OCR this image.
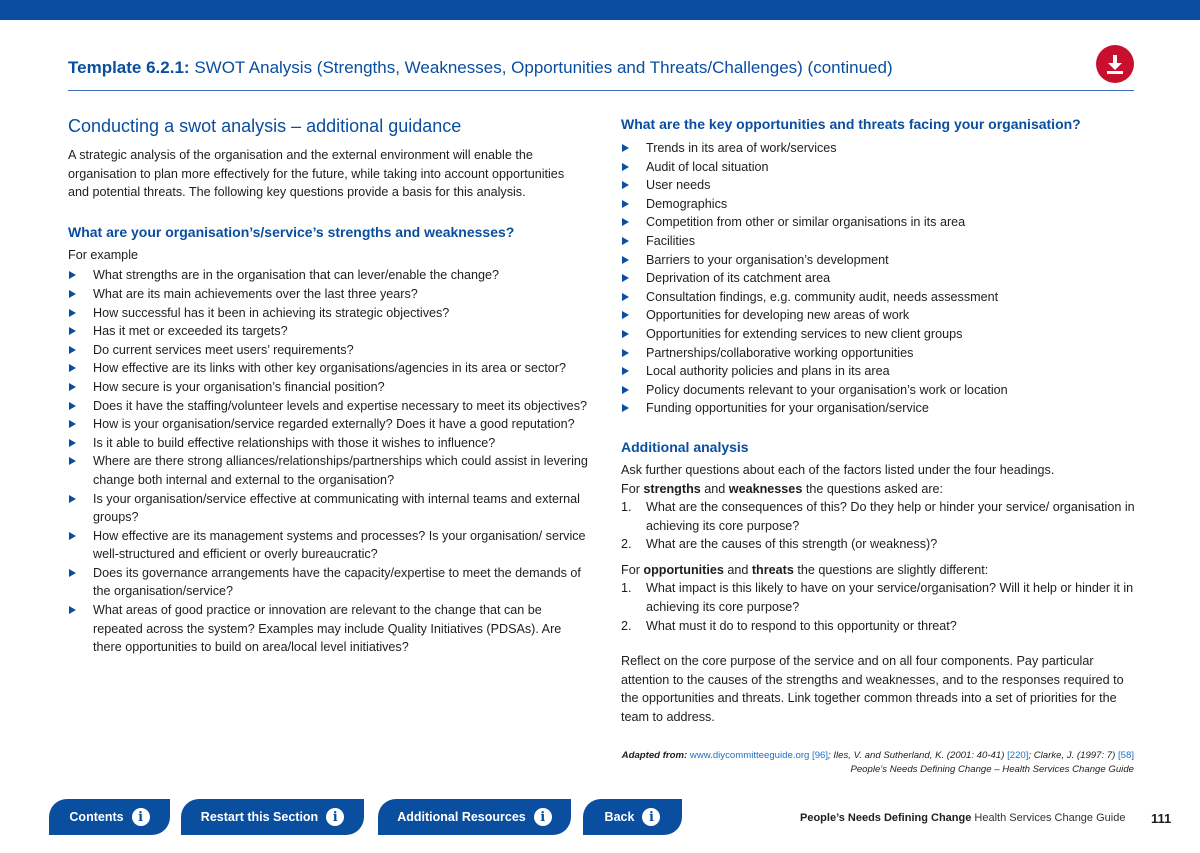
Template 6.2.1: SWOT Analysis (Strengths, Weaknesses, Opportunities and Threats/Challenges) (continued)
Conducting a swot analysis – additional guidance

A strategic analysis of the organisation and the external environment will enable the organisation to plan more effectively for the future, while taking into account opportunities and potential threats. The following key questions provide a basis for this analysis.

What are your organisation’s/service’s strengths and weaknesses?

For example

What strengths are in the organisation that can lever/enable the change?
What are its main achievements over the last three years?
How successful has it been in achieving its strategic objectives?
Has it met or exceeded its targets?
Do current services meet users’ requirements?
How effective are its links with other key organisations/agencies in its area or sector?
How secure is your organisation’s financial position?
Does it have the staffing/volunteer levels and expertise necessary to meet its objectives?
How is your organisation/service regarded externally? Does it have a good reputation?
Is it able to build effective relationships with those it wishes to influence?
Where are there strong alliances/relationships/partnerships which could assist in levering change both internal and external to the organisation?
Is your organisation/service effective at communicating with internal teams and external groups?
How effective are its management systems and processes? Is your organisation/ service well-structured and efficient or overly bureaucratic?
Does its governance arrangements have the capacity/expertise to meet the demands of the organisation/service?
What areas of good practice or innovation are relevant to the change that can be repeated across the system? Examples may include Quality Initiatives (PDSAs). Are there opportunities to build on area/local level initiatives?
What are the key opportunities and threats facing your organisation?
Trends in its area of work/services
Audit of local situation
User needs
Demographics
Competition from other or similar organisations in its area
Facilities
Barriers to your organisation’s development
Deprivation of its catchment area
Consultation findings, e.g. community audit, needs assessment
Opportunities for developing new areas of work
Opportunities for extending services to new client groups
Partnerships/collaborative working opportunities
Local authority policies and plans in its area
Policy documents relevant to your organisation’s work or location
Funding opportunities for your organisation/service
Additional analysis

Ask further questions about each of the factors listed under the four headings.

For strengths and weaknesses the questions asked are:

1. What are the consequences of this? Do they help or hinder your service/ organisation in achieving its core purpose?
2. What are the causes of this strength (or weakness)?

For opportunities and threats the questions are slightly different:

1. What impact is this likely to have on your service/organisation? Will it help or hinder it in achieving its core purpose?
2. What must it do to respond to this opportunity or threat?

Reflect on the core purpose of the service and on all four components. Pay particular attention to the causes of the strengths and weaknesses, and to the responses required to the opportunities and threats. Link together common threads into a set of priorities for the team to address.

Adapted from: www.diycommitteeguide.org [96]; Iles, V. and Sutherland, K. (2001: 40-41) [220]; Clarke, J. (1997: 7) [58]
People’s Needs Defining Change – Health Services Change Guide
Contents	i	Restart this Section	i	Additional Resources	i	Back	i	People’s Needs Defining Change Health Services Change Guide 111
